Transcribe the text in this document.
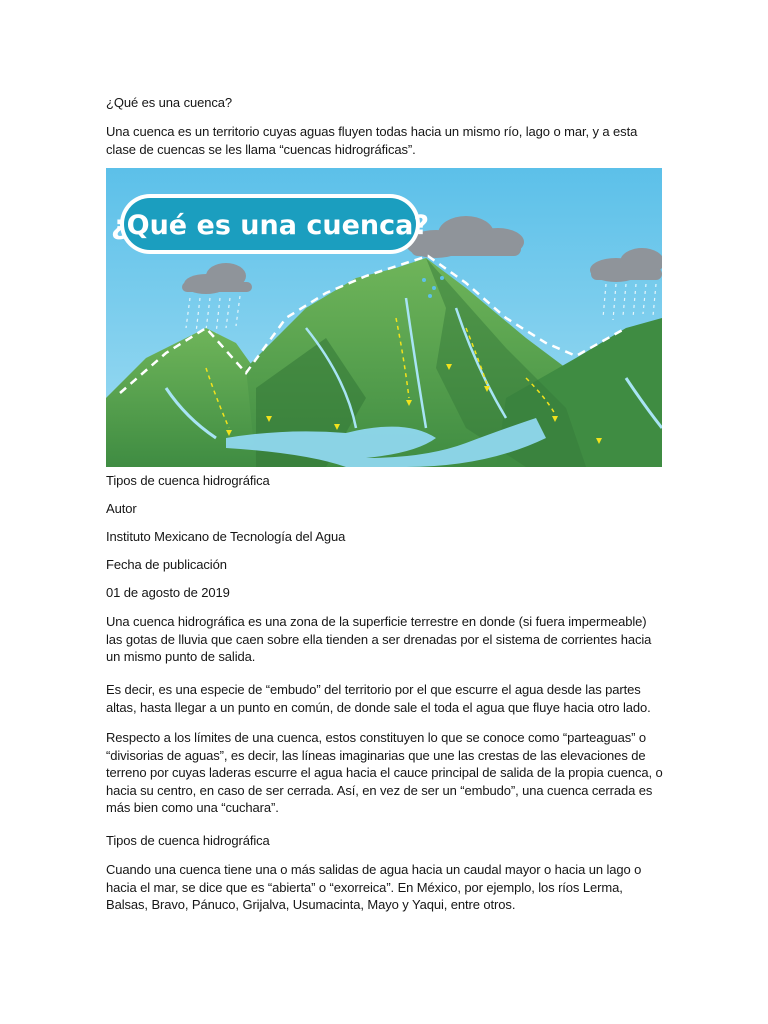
¿Qué es una cuenca?

Una cuenca es un territorio cuyas aguas fluyen todas hacia un mismo río, lago o mar, y a esta clase de cuencas se les llama “cuencas hidrográficas”.

¿Qué es una cuenca?

Tipos de cuenca hidrográfica

Autor

Instituto Mexicano de Tecnología del Agua

Fecha de publicación

01 de agosto de 2019

Una cuenca hidrográfica es una zona de la superficie terrestre en donde (si fuera impermeable) las gotas de lluvia que caen sobre ella tienden a ser drenadas por el sistema de corrientes hacia un mismo punto de salida.

Es decir, es una especie de “embudo” del territorio por el que escurre el agua desde las partes altas, hasta llegar a un punto en común, de donde sale el toda el agua que fluye hacia otro lado.

Respecto a los límites de una cuenca, estos constituyen lo que se conoce como “parteaguas” o “divisorias de aguas”, es decir, las líneas imaginarias que une las crestas de las elevaciones de terreno por cuyas laderas escurre el agua hacia el cauce principal de salida de la propia cuenca, o hacia su centro, en caso de ser cerrada. Así, en vez de ser un “embudo”, una cuenca cerrada es más bien como una “cuchara”.

Tipos de cuenca hidrográfica

Cuando una cuenca tiene una o más salidas de agua hacia un caudal mayor o hacia un lago o hacia el mar, se dice que es “abierta” o “exorreica”. En México, por ejemplo, los ríos Lerma, Balsas, Bravo, Pánuco, Grijalva, Usumacinta, Mayo y Yaqui, entre otros.
